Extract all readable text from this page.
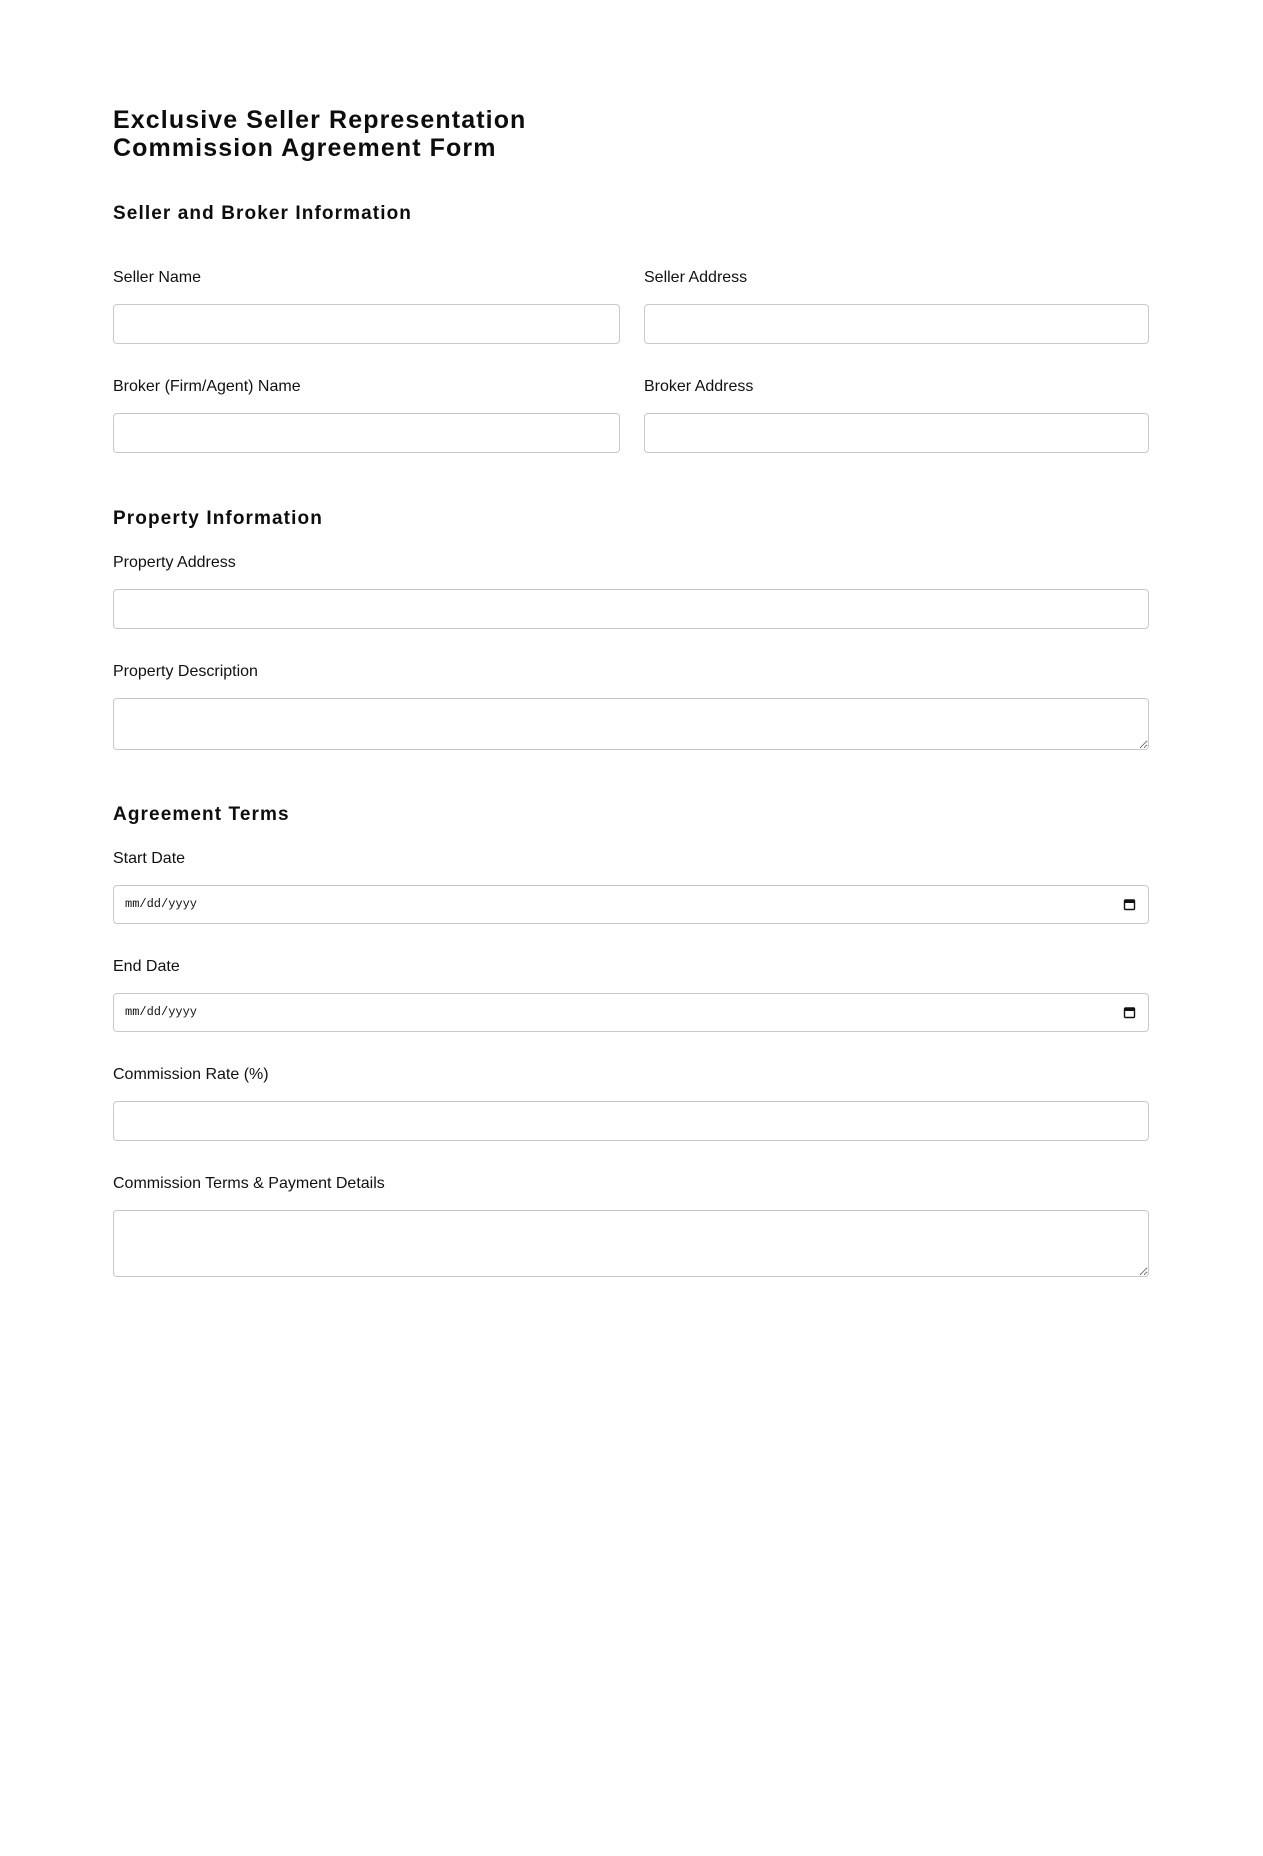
Exclusive Seller Representation Commission Agreement Form
Seller and Broker Information
Seller Name	Seller Address
Broker (Firm/Agent) Name	Broker Address
Property Information
Property Address
Property Description
Agreement Terms
Start Date
mm/dd/yyyy
End Date
mm/dd/yyyy
Commission Rate (%)
Commission Terms & Payment Details
